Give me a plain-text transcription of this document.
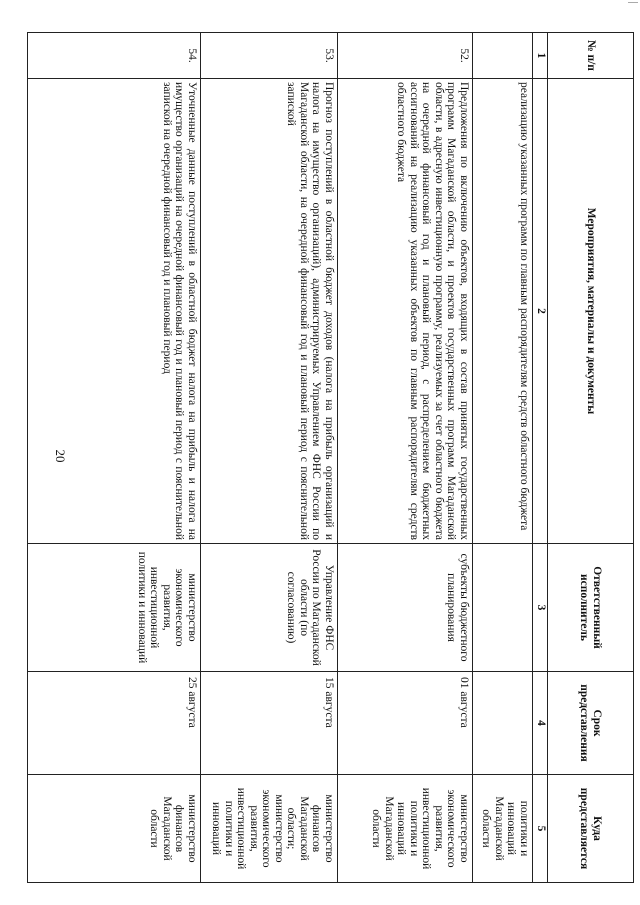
20
№ п/п	Мероприятия, материалы и документы	Ответственный исполнитель	Срок представления	Куда представляется
1	2	3	4	5
	реализацию указанных программ по главным распорядителям средств областного бюджета			политики и инноваций Магаданской области
52.	Предложения по включению объектов, входящих в состав принятых государственных программ Магаданской области, и проектов государственных программ Магаданской области, в адресную инвестиционную программу, реализуемых за счет областного бюджета на очередной финансовый год и плановый период, с распределением бюджетных ассигнований на реализацию указанных объектов по главным распорядителям средств областного бюджета	субъекты бюджетного планирования	01 августа	министерство экономического развития, инвестиционной политики и инноваций Магаданской области
53.	Прогноз поступлений в областной бюджет доходов (налога на прибыль организаций и налога на имущество организаций), администрируемых Управлением ФНС России по Магаданской области, на очередной финансовый год и плановый период с пояснительной запиской	Управление ФНС России по Магаданской области (по согласованию)	15 августа	министерство финансов Магаданской области; министерство экономического развития, инвестиционной политики и инноваций
54.	Уточненные данные поступлений в областной бюджет налога на прибыль и налога на имущество организаций на очередной финансовый год и плановый период с пояснительной запиской на очередной финансовый год и плановый период	министерство экономического развития, инвестиционной политики и инноваций	25 августа	министерство финансов Магаданской области
